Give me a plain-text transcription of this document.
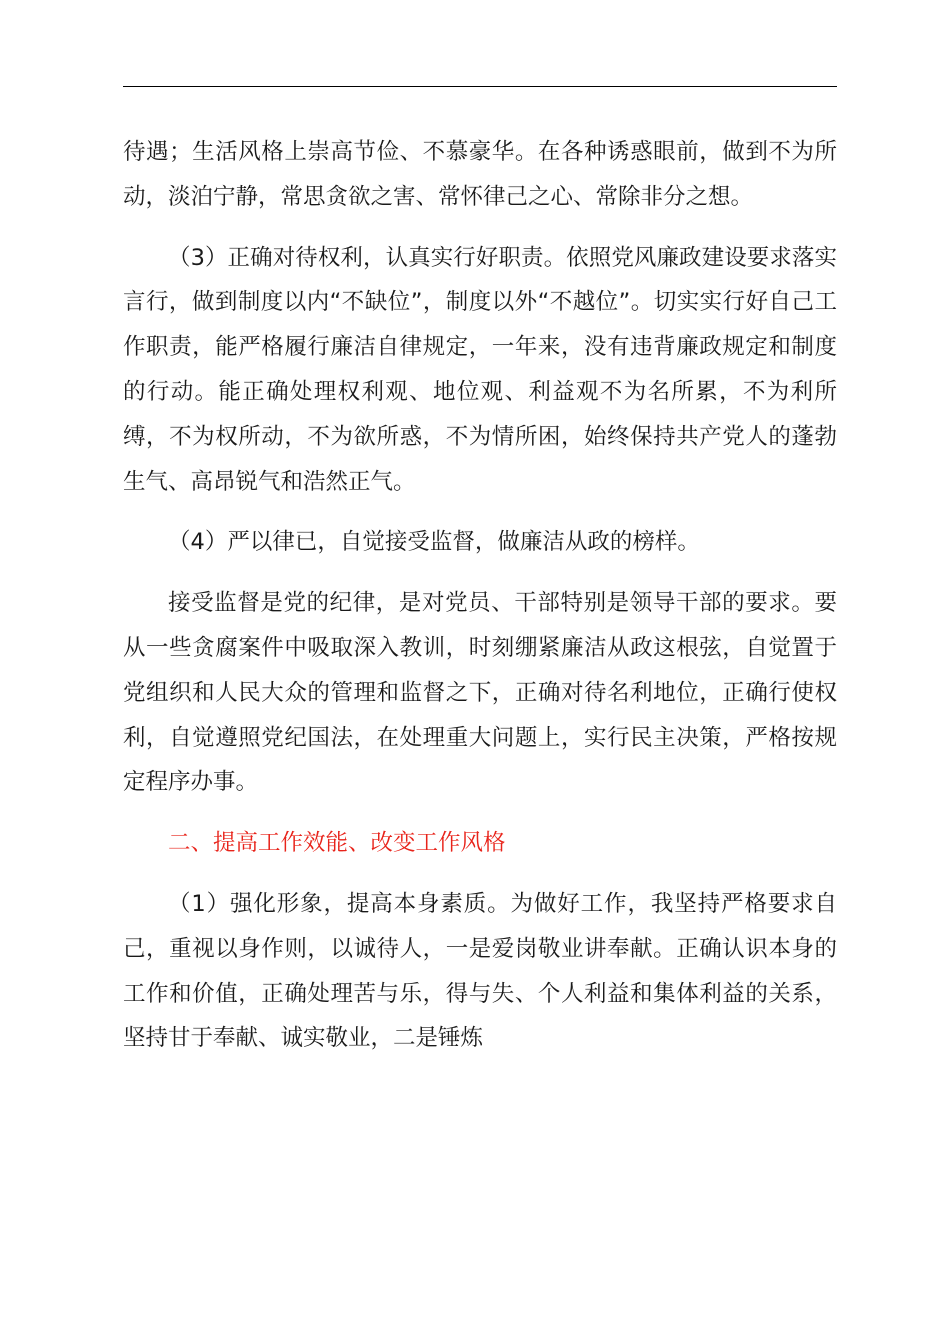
待遇；生活风格上崇高节俭、不慕豪华。在各种诱惑眼前，做到不为所动，淡泊宁静，常思贪欲之害、常怀律己之心、常除非分之想。

（3）正确对待权利，认真实行好职责。依照党风廉政建设要求落实言行，做到制度以内“不缺位”，制度以外“不越位”。切实实行好自己工作职责，能严格履行廉洁自律规定，一年来，没有违背廉政规定和制度的行动。能正确处理权利观、地位观、利益观不为名所累，不为利所缚，不为权所动，不为欲所惑，不为情所困，始终保持共产党人的蓬勃生气、高昂锐气和浩然正气。

（4）严以律已，自觉接受监督，做廉洁从政的榜样。

接受监督是党的纪律，是对党员、干部特别是领导干部的要求。要从一些贪腐案件中吸取深入教训，时刻绷紧廉洁从政这根弦，自觉置于党组织和人民大众的管理和监督之下，正确对待名利地位，正确行使权利，自觉遵照党纪国法，在处理重大问题上，实行民主决策，严格按规定程序办事。

二、提高工作效能、改变工作风格

（1）强化形象，提高本身素质。为做好工作，我坚持严格要求自己，重视以身作则，以诚待人，一是爱岗敬业讲奉献。正确认识本身的工作和价值，正确处理苦与乐，得与失、个人利益和集体利益的关系，坚持甘于奉献、诚实敬业，二是锤炼
